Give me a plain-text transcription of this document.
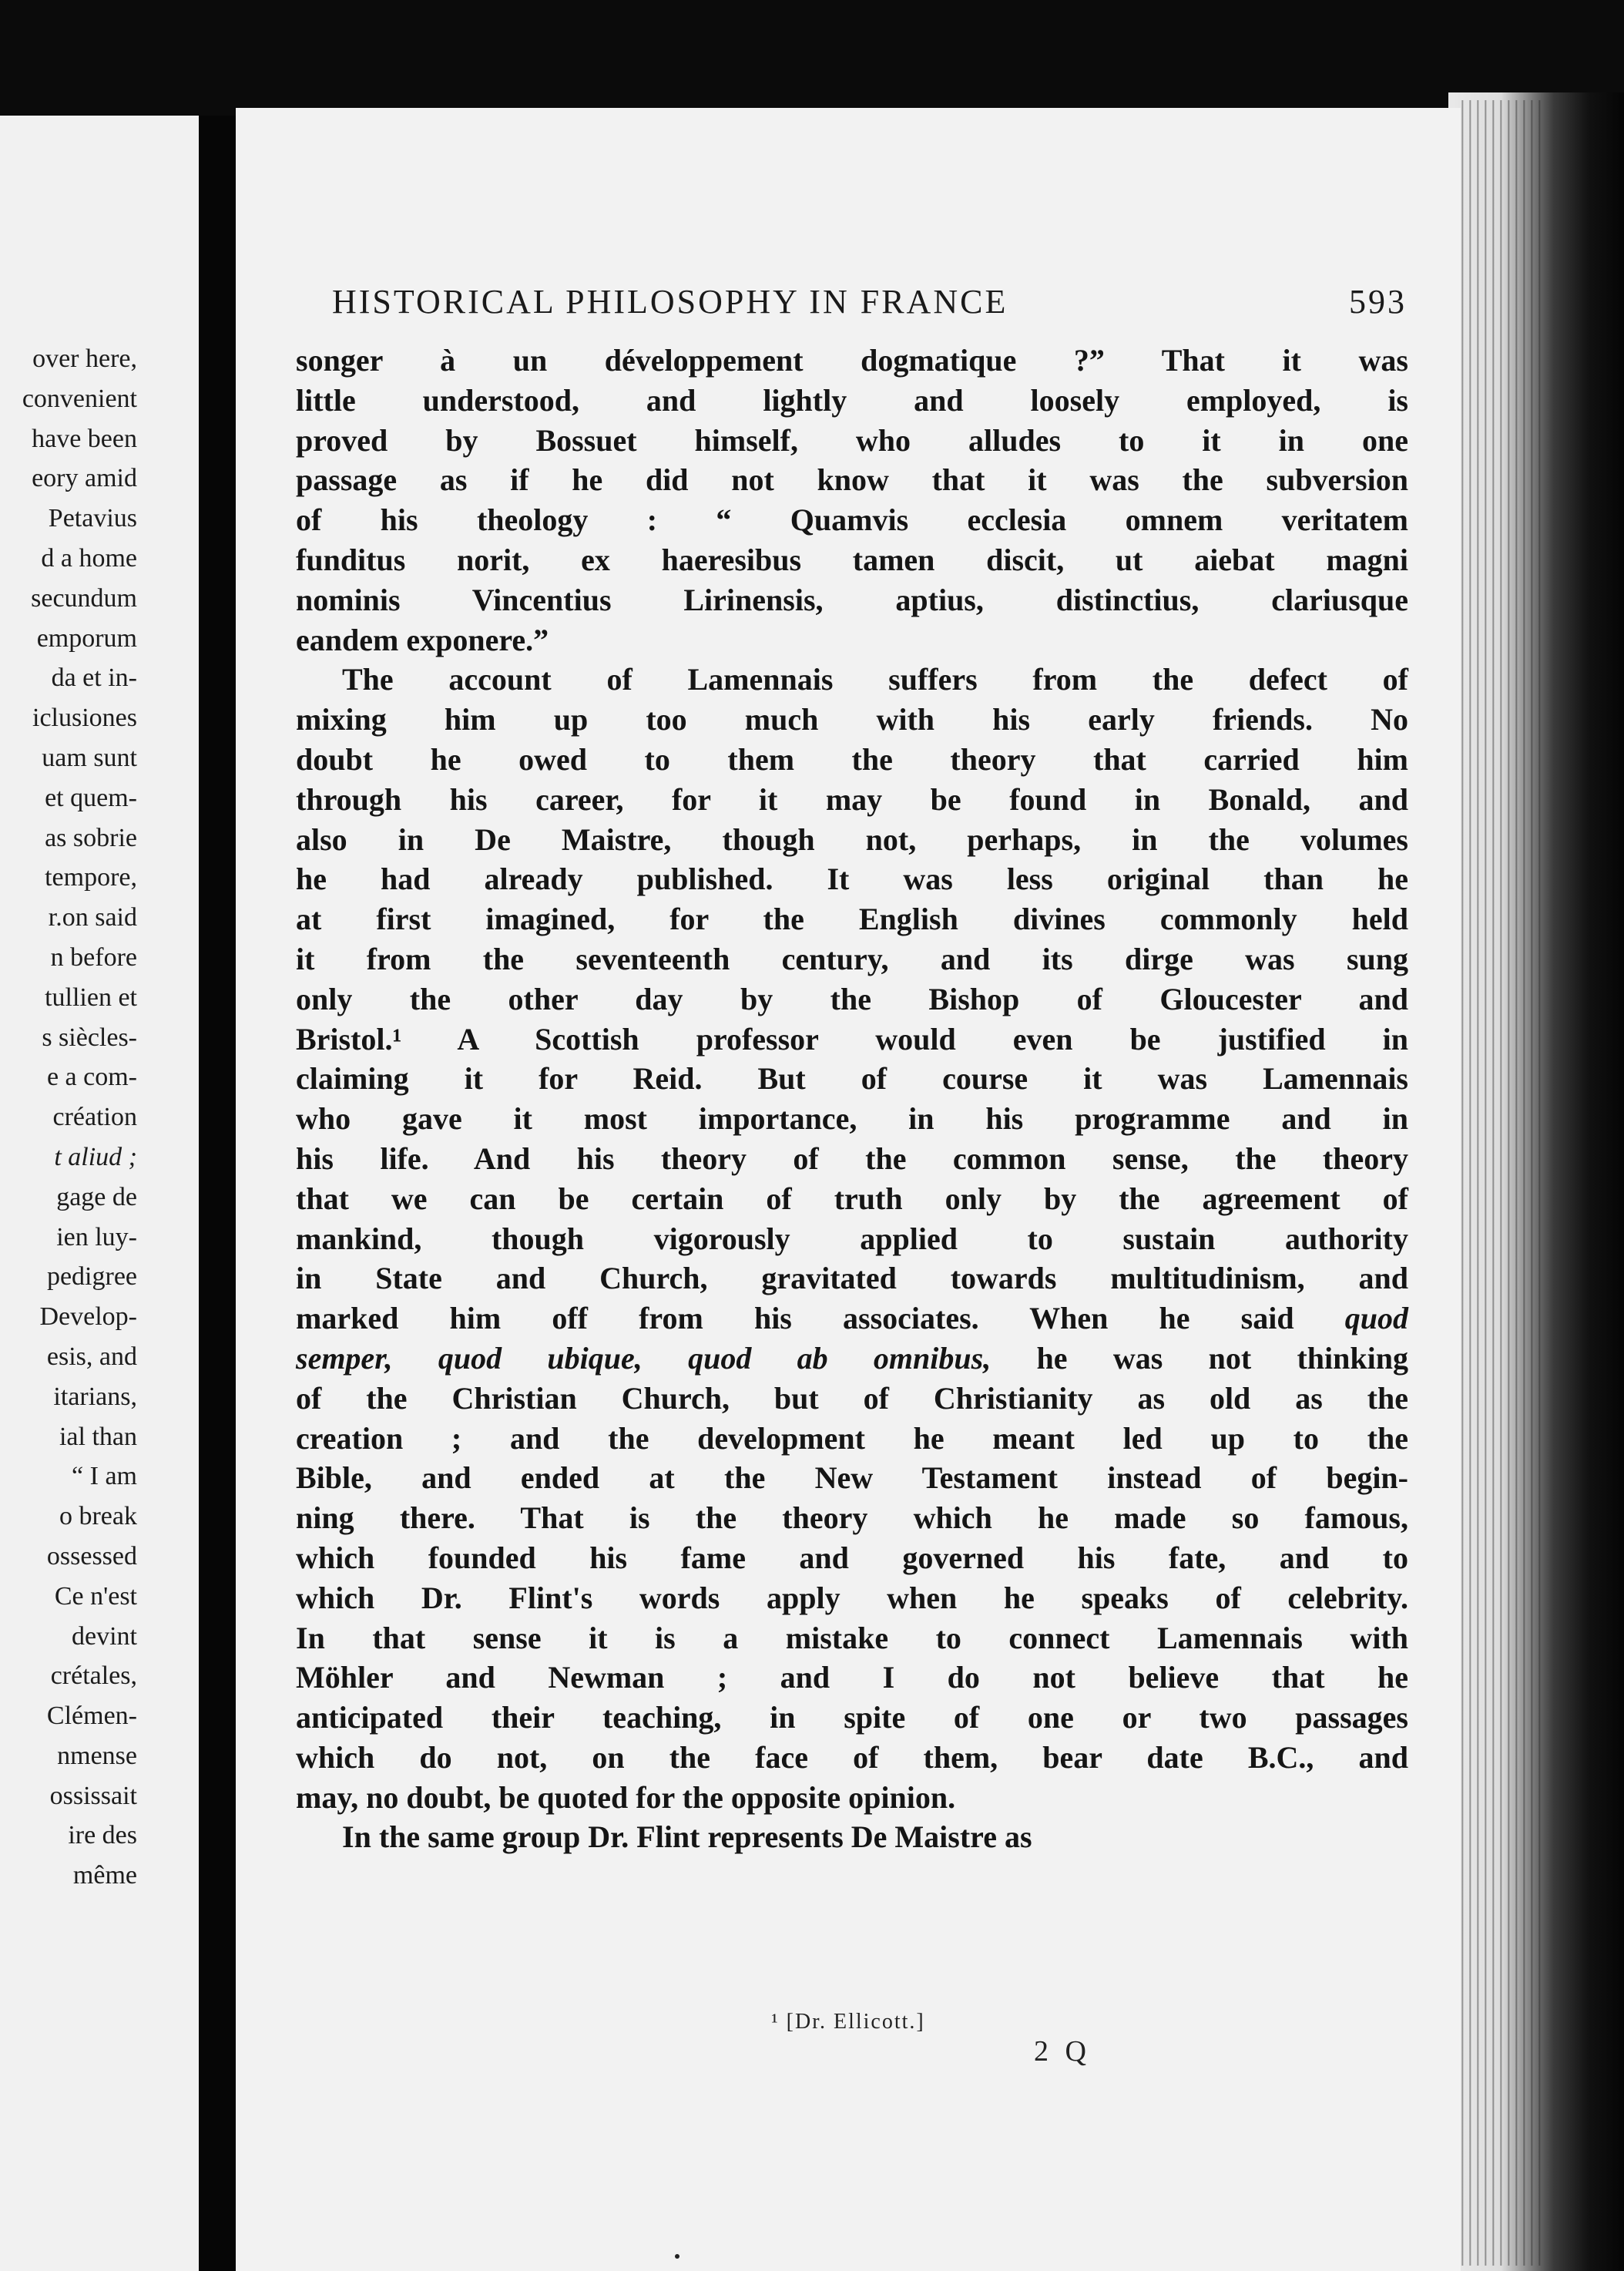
over here,
convenient
have been
eory amid
Petavius
d a home
secundum
emporum
da et in-
iclusiones
uam sunt
et quem-
as sobrie
tempore,
r.on said
n before
tullien et
s siècles-
e a com-
création
t aliud ;
gage de
ien luy-
pedigree
Develop-
esis, and
itarians,
ial than
“ I am
o break
ossessed
Ce n'est
devint
crétales,
Clémen-
nmense
ossissait
ire des
même
HISTORICAL PHILOSOPHY IN FRANCE	593
songer à un développement dogmatique ?” That it was
little understood, and lightly and loosely employed, is
proved by Bossuet himself, who alludes to it in one
passage as if he did not know that it was the subversion
of his theology : “ Quamvis ecclesia omnem veritatem
funditus norit, ex haeresibus tamen discit, ut aiebat magni
nominis Vincentius Lirinensis, aptius, distinctius, clariusque
eandem exponere.”
The account of Lamennais suffers from the defect of
mixing him up too much with his early friends. No
doubt he owed to them the theory that carried him
through his career, for it may be found in Bonald, and
also in De Maistre, though not, perhaps, in the volumes
he had already published. It was less original than he
at first imagined, for the English divines commonly held
it from the seventeenth century, and its dirge was sung
only the other day by the Bishop of Gloucester and
Bristol.¹ A Scottish professor would even be justified in
claiming it for Reid. But of course it was Lamennais
who gave it most importance, in his programme and in
his life. And his theory of the common sense, the theory
that we can be certain of truth only by the agreement of
mankind, though vigorously applied to sustain authority
in State and Church, gravitated towards multitudinism, and
marked him off from his associates. When he said quod
semper, quod ubique, quod ab omnibus, he was not thinking
of the Christian Church, but of Christianity as old as the
creation ; and the development he meant led up to the
Bible, and ended at the New Testament instead of begin-
ning there. That is the theory which he made so famous,
which founded his fame and governed his fate, and to
which Dr. Flint's words apply when he speaks of celebrity.
In that sense it is a mistake to connect Lamennais with
Möhler and Newman ; and I do not believe that he
anticipated their teaching, in spite of one or two passages
which do not, on the face of them, bear date B.C., and
may, no doubt, be quoted for the opposite opinion.
In the same group Dr. Flint represents De Maistre as
¹ [Dr. Ellicott.]
2 Q
